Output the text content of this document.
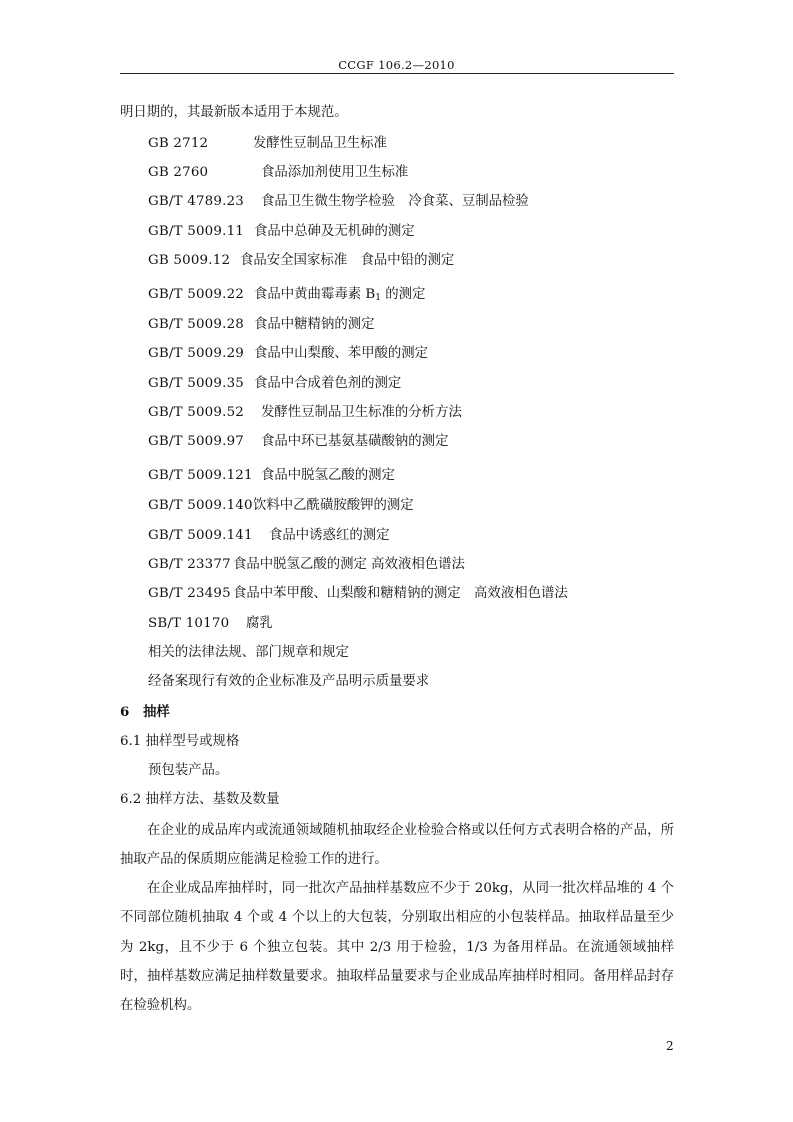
CCGF 106.2—2010
明日期的，其最新版本适用于本规范。
GB 2712	发酵性豆制品卫生标准
GB 2760	食品添加剂使用卫生标准
GB/T 4789.23 食品卫生微生物学检验　冷食菜、豆制品检验
GB/T 5009.11 食品中总砷及无机砷的测定
GB 5009.12 食品安全国家标准　食品中铅的测定
GB/T 5009.22 食品中黄曲霉毒素 $B_1$ 的测定
GB/T 5009.28 食品中糖精钠的测定
GB/T 5009.29 食品中山梨酸、苯甲酸的测定
GB/T 5009.35 食品中合成着色剂的测定
GB/T 5009.52 发酵性豆制品卫生标准的分析方法
GB/T 5009.97 食品中环已基氨基磺酸钠的测定
GB/T 5009.121 食品中脱氢乙酸的测定
GB/T 5009.140 饮料中乙酰磺胺酸钾的测定
GB/T 5009.141 食品中诱惑红的测定
GB/T 23377 食品中脱氢乙酸的测定 高效液相色谱法
GB/T 23495 食品中苯甲酸、山梨酸和糖精钠的测定　高效液相色谱法
SB/T 10170 腐乳
相关的法律法规、部门规章和规定
经备案现行有效的企业标准及产品明示质量要求
6 抽样
6.1 抽样型号或规格
预包装产品。
6.2 抽样方法、基数及数量
在企业的成品库内或流通领域随机抽取经企业检验合格或以任何方式表明合格的产品，所抽取产品的保质期应能满足检验工作的进行。
在企业成品库抽样时，同一批次产品抽样基数应不少于 20kg，从同一批次样品堆的 4 个不同部位随机抽取 4 个或 4 个以上的大包装，分别取出相应的小包装样品。抽取样品量至少为 2kg，且不少于 6 个独立包装。其中 2/3 用于检验，1/3 为备用样品。在流通领域抽样时，抽样基数应满足抽样数量要求。抽取样品量要求与企业成品库抽样时相同。备用样品封存在检验机构。
2
